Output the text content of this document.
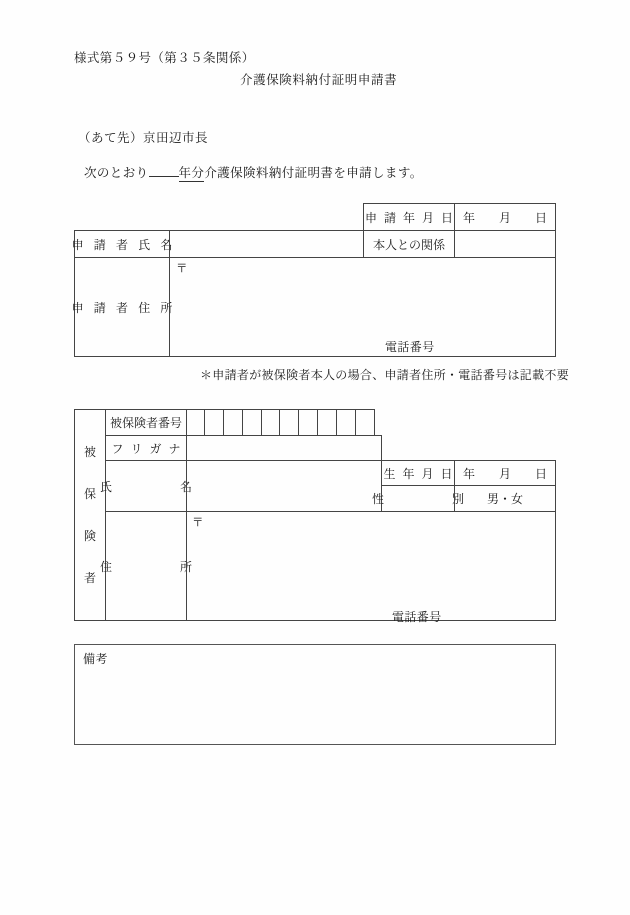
様式第５９号（第３５条関係）
介護保険料納付証明申請書
（あて先）京田辺市長
次のとおり 年分 介護保険料納付証明書を申請します。
申 請 年 月 日 年　　月　　日
申 請 者 氏 名	本人との関係
申 請 者 住 所
〒
電話番号
＊申請者が被保険者本人の場合、申請者住所・電話番号は記載不要
被
保
険
者
被保険者番号
フ リ ガ ナ
氏　　　名
生 年 月 日 年　　月　　日
性　　　別	男・女
住　　　所
〒
電話番号
備考
